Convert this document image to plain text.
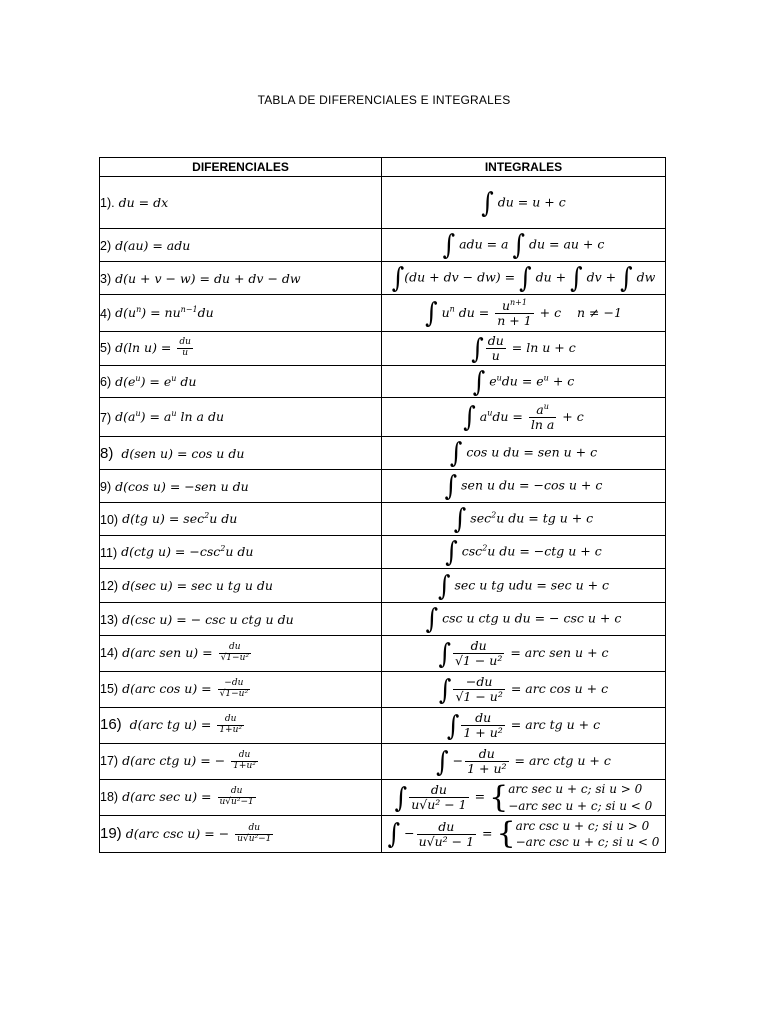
TABLA DE DIFERENCIALES E INTEGRALES
DIFERENCIALES	INTEGRALES
1). du = dx	∫ du = u + c
2) d(au) = adu	∫ adu = a ∫ du = au + c
3) d(u + v − w) = du + dv − dw	∫(du + dv − dw) = ∫ du + ∫ dv + ∫ dw
4) $d(u^n) = nu^{n-1}du$	∫ $u^n$ du = $\frac{u^{n+1}}{n + 1} + c$ n ≠ −1
5) d(ln $u) = \frac{du}{u}$	∫ $\frac{du}{u} = \ln u + c$
6) $d(e^u) = e^u$ du	∫ $e^udu = e^u + c$
7) $d(a^u) = a^u$ ln a du	∫ $a^udu = \frac{a^u}{\text{ln a}} + c$
8) d(sen u) = cos u du	∫ cos u du = sen u + c
9) d(cos u) = −sen u du	∫ sen u du = −cos u + c
10) d(tg $u) = \sec^2u$ du	∫ $\sec^2u$ du = tg u + c
11) d(ctg $u) = -\csc^2u$ du	∫ $\csc^2u$ du = −ctg u + c
12) d(sec u) = sec u tg u du	∫ sec u tg udu = sec u + c
13) d(csc u) = − csc u ctg u du	∫ csc u ctg u du = − csc u + c
14) d(arc sen $u) = \frac{du}{\text{√1−u²}}$	∫ $\frac{du}{\text{√1 − u²}}$ = arc sen u + c
15) d(arc $\cos u) = \frac{-du}{\text{√1−u²}}$	∫ $\frac{-du}{\text{√1 − u²}}$ = arc cos u + c
16) d(arc tg $u) = \frac{du}{\text{1+u²}}$	∫ $\frac{du}{\text{1 + u²}}$ = arc tg u + c
17) d(arc ctg u) = − $\frac{du}{\text{1+u²}}$	∫ − $\frac{du}{\text{1 + u²}}$ = arc ctg u + c
18) d(arc $\sec u) = \frac{du}{\text{u√u²−1}}$	∫ $\frac{du}{\text{u√u² − 1}} = \{arc$ sec u + c; si u > 0
−arc sec u + c; si u < 0
19) d(arc csc u) = − $\frac{du}{\text{u√u²−1}}$	∫ − $\frac{du}{\text{u√u² − 1}} = \{arc$ csc u + c; si u > 0
−arc csc u + c; si u < 0
